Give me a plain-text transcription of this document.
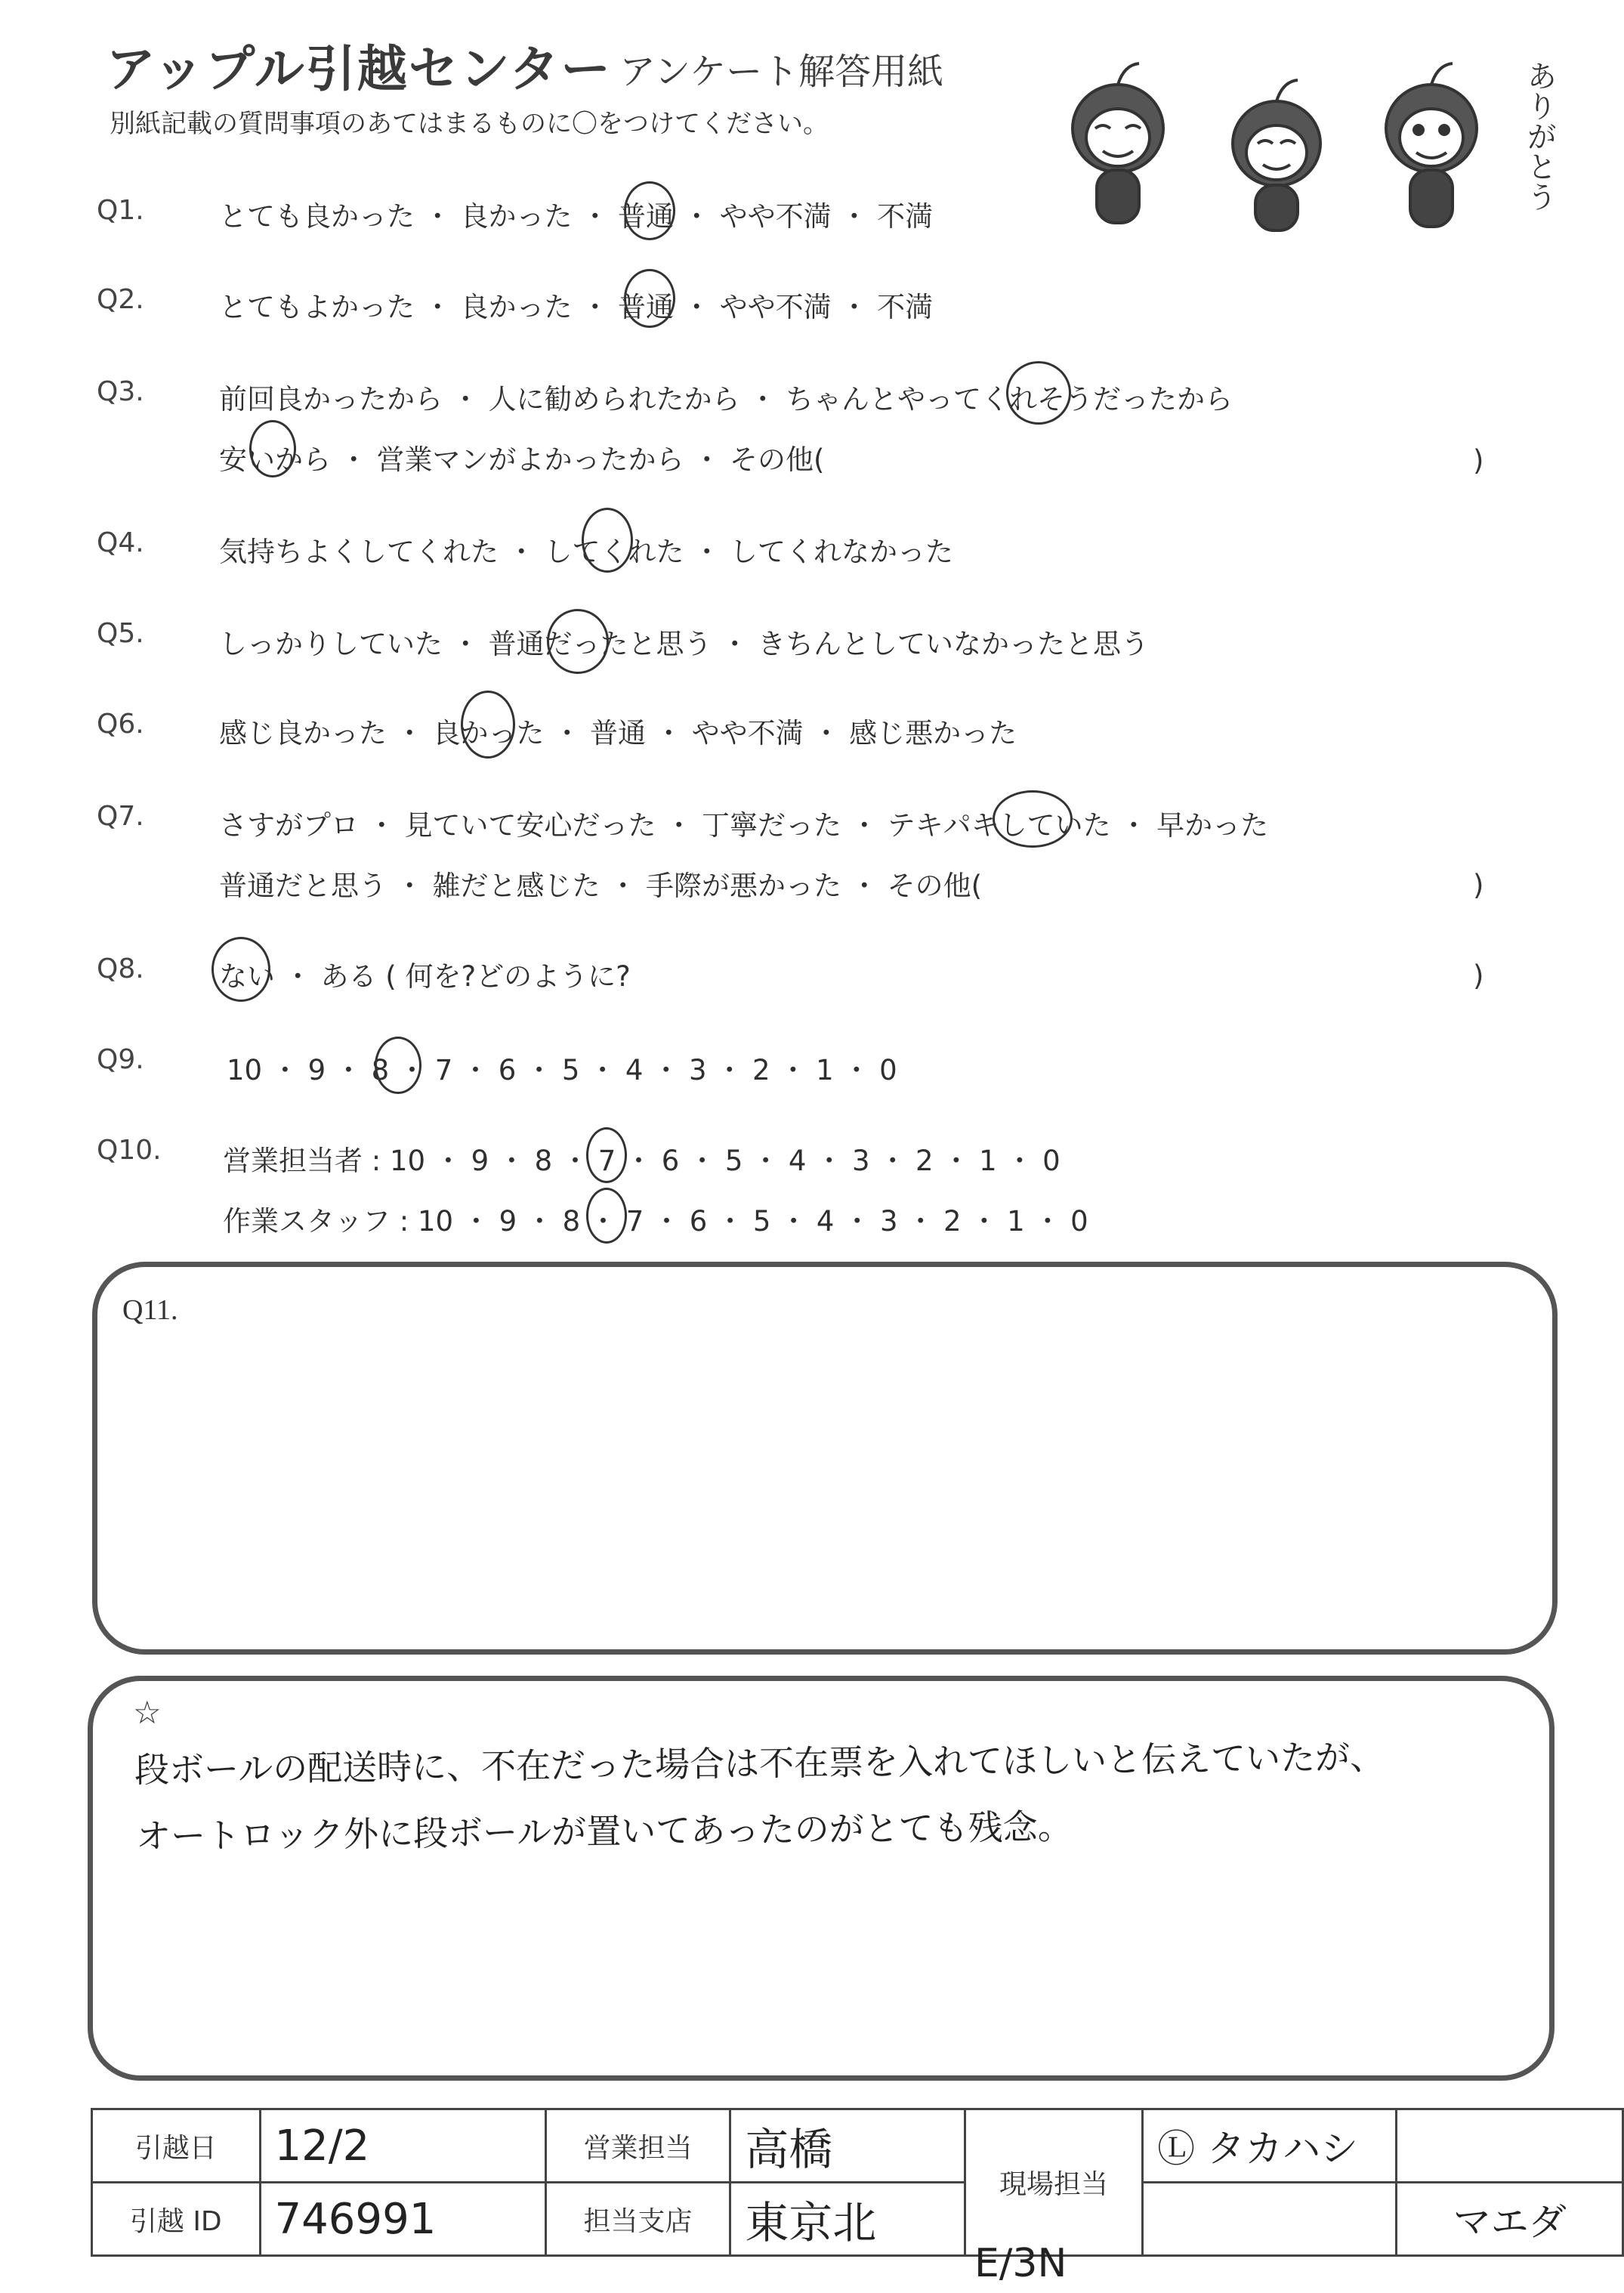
アップル引越センター アンケート解答用紙
別紙記載の質問事項のあてはまるものに〇をつけてください。	ありがとう
Q1.	とても良かった ・ 良かった ・ 普通 ・ やや不満 ・ 不満
Q2.	とてもよかった ・ 良かった ・ 普通 ・ やや不満 ・ 不満
Q3.	前回良かったから ・ 人に勧められたから ・ ちゃんとやってくれそうだったから
安いから ・ 営業マンがよかったから ・ その他(	)
Q4.	気持ちよくしてくれた ・ してくれた ・ してくれなかった
Q5.	しっかりしていた ・ 普通だったと思う ・ きちんとしていなかったと思う
Q6.	感じ良かった ・ 良かった ・ 普通 ・ やや不満 ・ 感じ悪かった
Q7.	さすがプロ ・ 見ていて安心だった ・ 丁寧だった ・ テキパキしていた ・ 早かった
普通だと思う ・ 雑だと感じた ・ 手際が悪かった ・ その他(	)
Q8.	ない ・ ある ( 何を?どのように?	)
Q9.	10 ・ 9 ・ 8 ・ 7 ・ 6 ・ 5 ・ 4 ・ 3 ・ 2 ・ 1 ・ 0
Q10. 営業担当者 : 10 ・ 9 ・ 8 ・ 7 ・ 6 ・ 5 ・ 4 ・ 3 ・ 2 ・ 1 ・ 0
作業スタッフ : 10 ・ 9 ・ 8 ・ 7 ・ 6 ・ 5 ・ 4 ・ 3 ・ 2 ・ 1 ・ 0
Q11.
☆
段ボールの配送時に、不在だった場合は不在票を入れてほしいと伝えていたが、
オートロック外に段ボールが置いてあったのがとても残念。
引越日	12/2	営業担当	高橋	現場担当	Ⓛ タカハシ	
引越 ID	746991	担当支店	東京北			マエダ
E/3N
